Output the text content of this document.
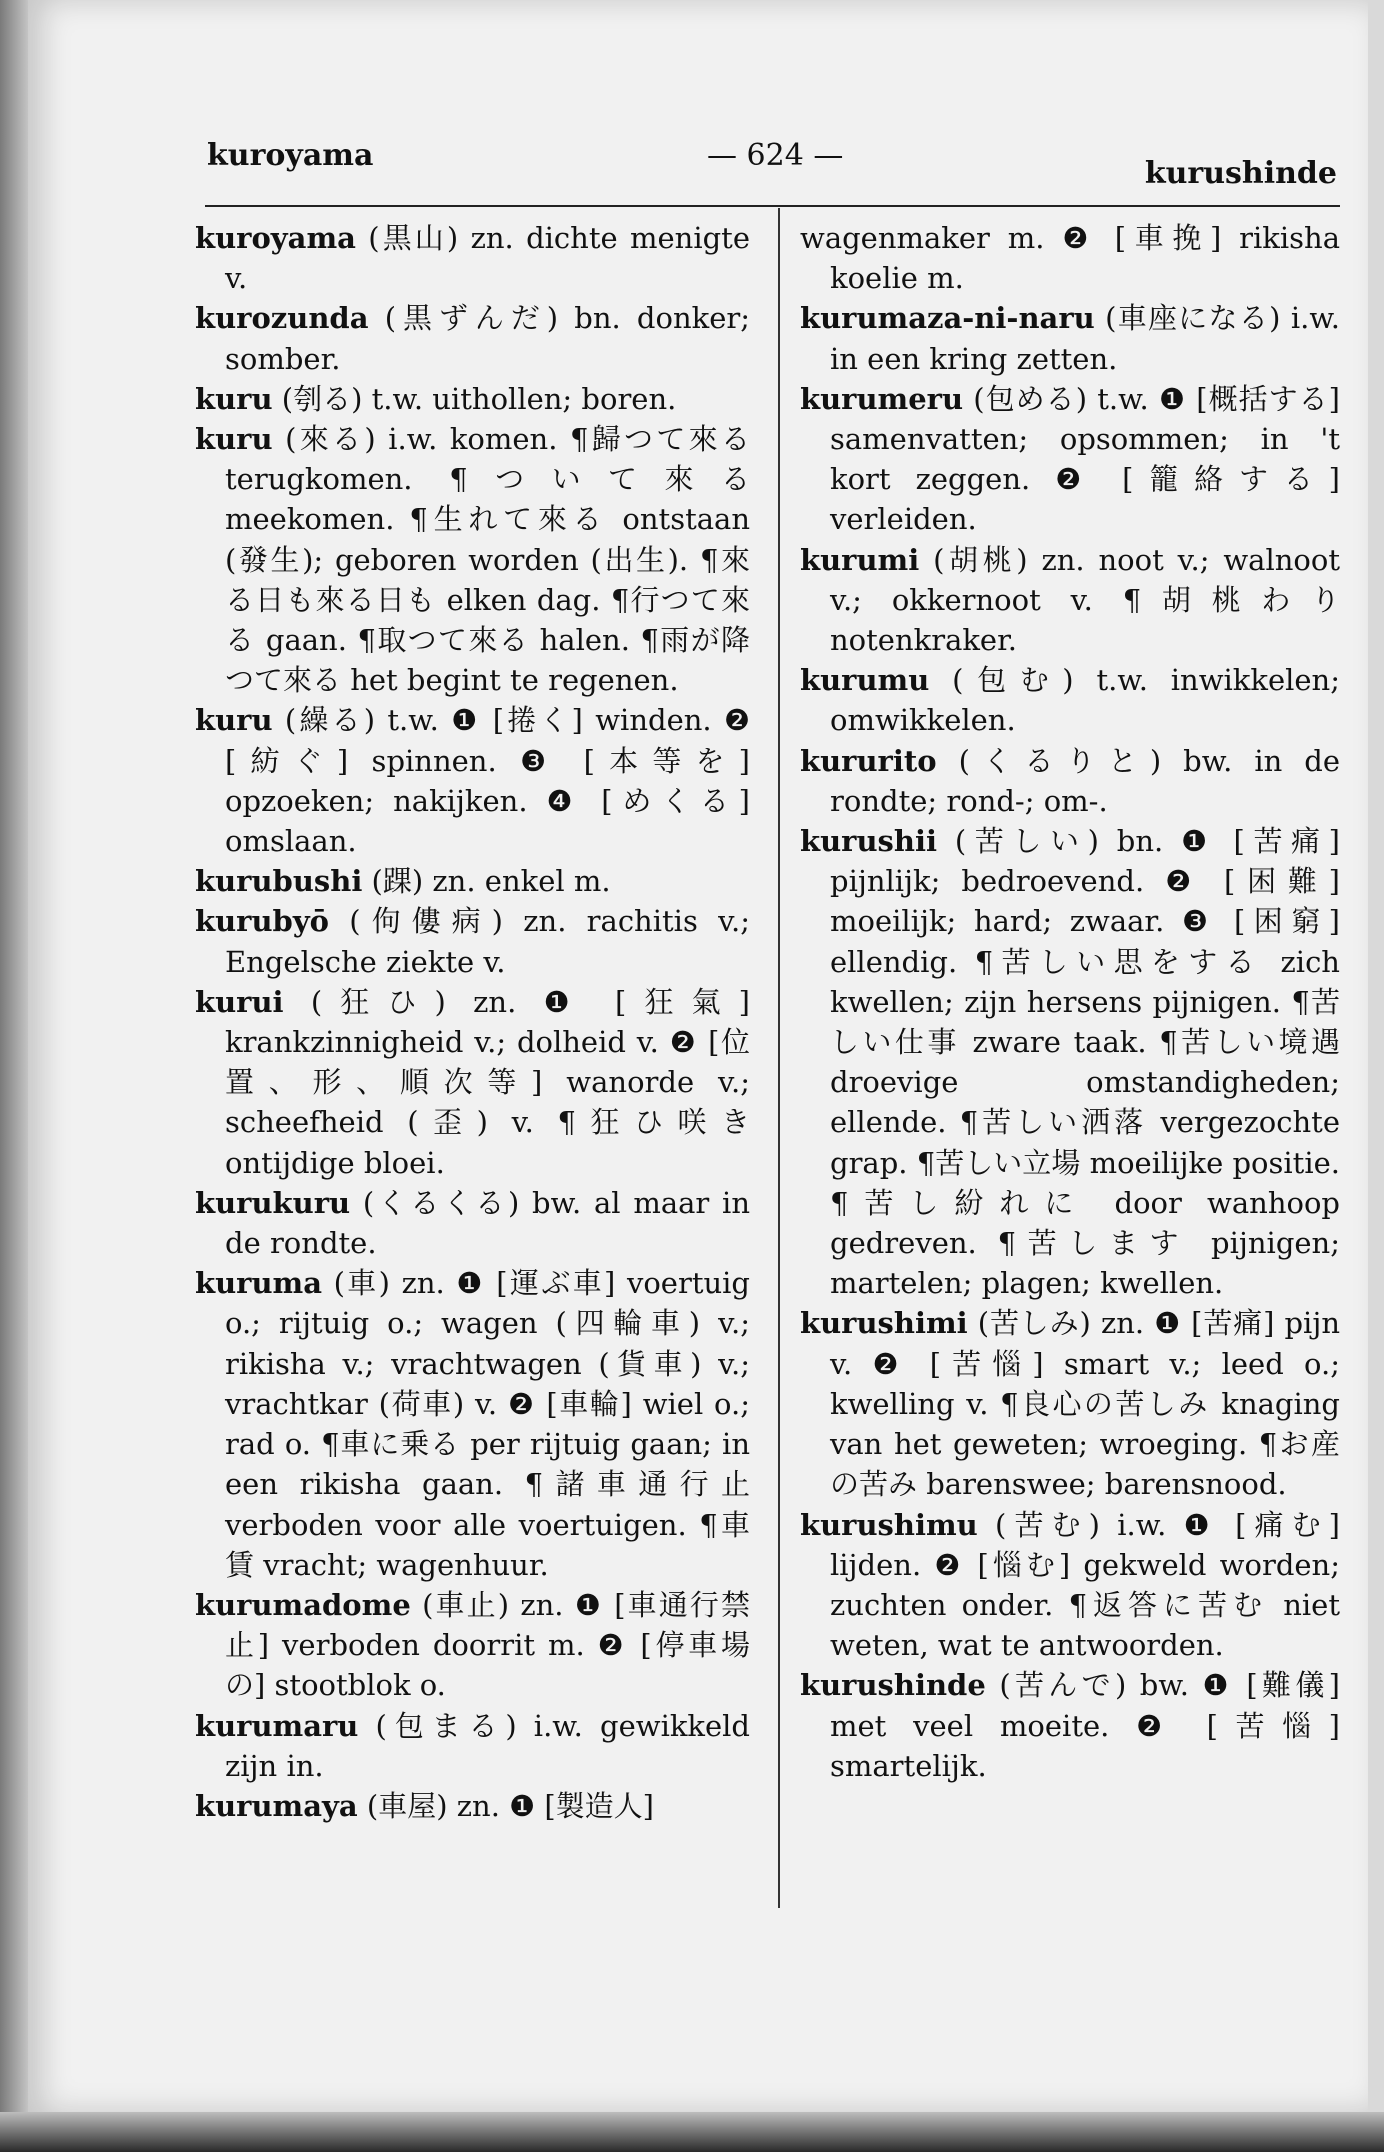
kuroyama	— 624 —
kurushinde

kuroyama (黒山) zn. dichte menigte v.

kurozunda (黒ずんだ) bn. donker; somber.

kuru (刳る) t.w. uithollen; boren.

kuru (來る) i.w. komen. ¶歸つて來る terugkomen. ¶ついて來る meekomen. ¶生れて來る ontstaan (發生); geboren worden (出生). ¶來る日も來る日も elken dag. ¶行つて來る gaan. ¶取つて來る halen. ¶雨が降つて來る het begint te regenen.

kuru (繰る) t.w. ❶ [捲く] winden. ❷ [紡ぐ] spinnen. ❸ [本等を] opzoeken; nakijken. ❹ [めくる] omslaan.

kurubushi (踝) zn. enkel m.

kurubyō (佝僂病) zn. rachitis v.; Engelsche ziekte v.

kurui (狂ひ) zn. ❶ [狂氣] krankzinnigheid v.; dolheid v. ❷ [位置、形、順次等] wanorde v.; scheefheid (歪) v. ¶狂ひ咲き ontijdige bloei.

kurukuru (くるくる) bw. al maar in de rondte.

kuruma (車) zn. ❶ [運ぶ車] voertuig o.; rijtuig o.; wagen (四輪車) v.; rikisha v.; vrachtwagen (貨車) v.; vrachtkar (荷車) v. ❷ [車輪] wiel o.; rad o. ¶車に乗る per rijtuig gaan; in een rikisha gaan. ¶諸車通行止 verboden voor alle voertuigen. ¶車賃 vracht; wagenhuur.

kurumadome (車止) zn. ❶ [車通行禁止] verboden doorrit m. ❷ [停車場の] stootblok o.

kurumaru (包まる) i.w. gewikkeld zijn in.

kurumaya (車屋) zn. ❶ [製造人]

wagenmaker m. ❷ [車挽] rikisha koelie m.

kurumaza-ni-naru (車座になる) i.w. in een kring zetten.

kurumeru (包める) t.w. ❶ [概括する] samenvatten; opsommen; in 't kort zeggen. ❷ [籠絡する] verleiden.

kurumi (胡桃) zn. noot v.; walnoot v.; okkernoot v. ¶胡桃わり notenkraker.

kurumu (包む) t.w. inwikkelen; omwikkelen.

kururito (くるりと) bw. in de rondte; rond-; om-.

kurushii (苦しい) bn. ❶ [苦痛] pijnlijk; bedroevend. ❷ [困難] moeilijk; hard; zwaar. ❸ [困窮] ellendig. ¶苦しい思をする zich kwellen; zijn hersens pijnigen. ¶苦しい仕事 zware taak. ¶苦しい境遇 droevige omstandigheden; ellende. ¶苦しい洒落 vergezochte grap. ¶苦しい立場 moeilijke positie. ¶苦し紛れに door wanhoop gedreven. ¶苦します pijnigen; martelen; plagen; kwellen.

kurushimi (苦しみ) zn. ❶ [苦痛] pijn v. ❷ [苦惱] smart v.; leed o.; kwelling v. ¶良心の苦しみ knaging van het geweten; wroeging. ¶お産の苦み barenswee; barensnood.

kurushimu (苦む) i.w. ❶ [痛む] lijden. ❷ [惱む] gekweld worden; zuchten onder. ¶返答に苦む niet weten, wat te antwoorden.

kurushinde (苦んで) bw. ❶ [難儀] met veel moeite. ❷ [苦惱] smartelijk.
